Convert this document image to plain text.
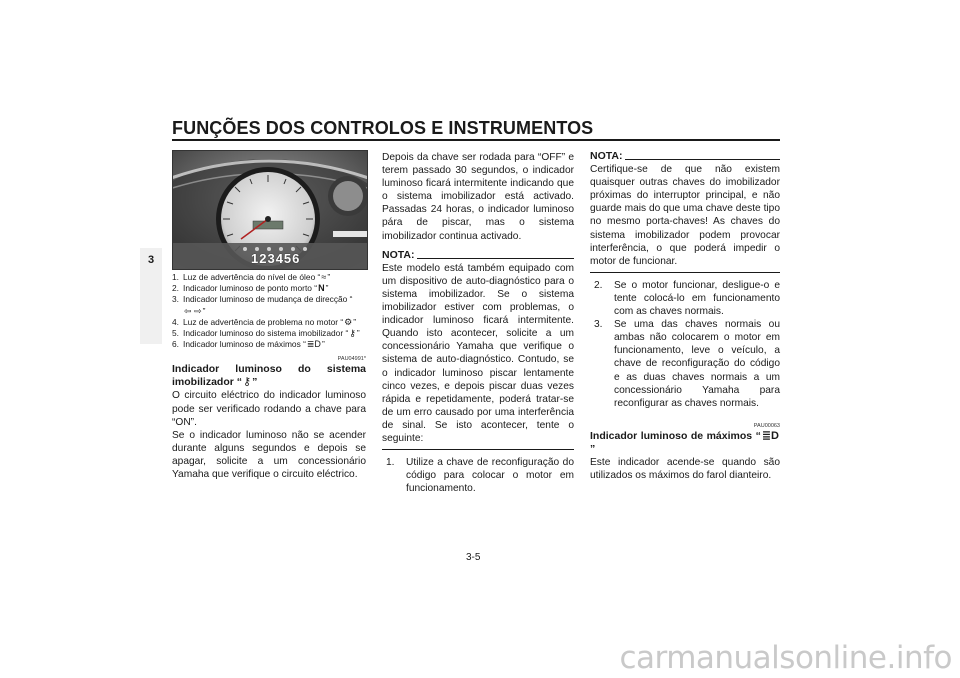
FUNÇÕES DOS CONTROLOS E INSTRUMENTOS
3	123456
1. Luz de advertência do nível de óleo “≈”
2. Indicador luminoso de ponto morto “N”
3. Indicador luminoso de mudança de direcção “⇦ ⇨”
4. Luz de advertência de problema no motor “⚙”
5. Indicador luminoso do sistema imobilizador “⚷”
6. Indicador luminoso de máximos “≣D”
PAU04991*
Indicador luminoso do sistema imobilizador “⚷”

O circuito eléctrico do indicador luminoso pode ser verificado rodando a chave para “ON”.

Se o indicador luminoso não se acender durante alguns segundos e depois se apagar, solicite a um concessionário Yamaha que verifique o circuito eléctrico.

Depois da chave ser rodada para “OFF” e terem passado 30 segundos, o indicador luminoso ficará intermitente indicando que o sistema imobilizador está activado. Passadas 24 horas, o indicador luminoso pára de piscar, mas o sistema imobilizador continua activado.

NOTA:

Este modelo está também equipado com um dispositivo de auto-diagnóstico para o sistema imobilizador. Se o sistema imobilizador estiver com problemas, o indicador luminoso ficará intermitente. Quando isto acontecer, solicite a um concessionário Yamaha que verifique o sistema de auto-diagnóstico. Contudo, se o indicador luminoso piscar lentamente cinco vezes, e depois piscar duas vezes rápida e repetidamente, poderá tratar-se de um erro causado por uma interferência de sinal. Se isto acontecer, tente o seguinte:

1. Utilize a chave de reconfiguração do código para colocar o motor em funcionamento.
NOTA:

Certifique-se de que não existem quaisquer outras chaves do imobilizador próximas do interruptor principal, e não guarde mais do que uma chave deste tipo no mesmo porta-chaves! As chaves do sistema imobilizador podem provocar interferência, o que poderá impedir o motor de funcionar.

2. Se o motor funcionar, desligue-o e tente colocá-lo em funcionamento com as chaves normais.
3. Se uma das chaves normais ou ambas não colocarem o motor em funcionamento, leve o veículo, a chave de reconfiguração do código e as duas chaves normais a um concessionário Yamaha para reconfigurar as chaves normais.
PAU00063
Indicador luminoso de máximos “≣D”

Este indicador acende-se quando são utilizados os máximos do farol dianteiro.

3-5
carmanualsonline.info
